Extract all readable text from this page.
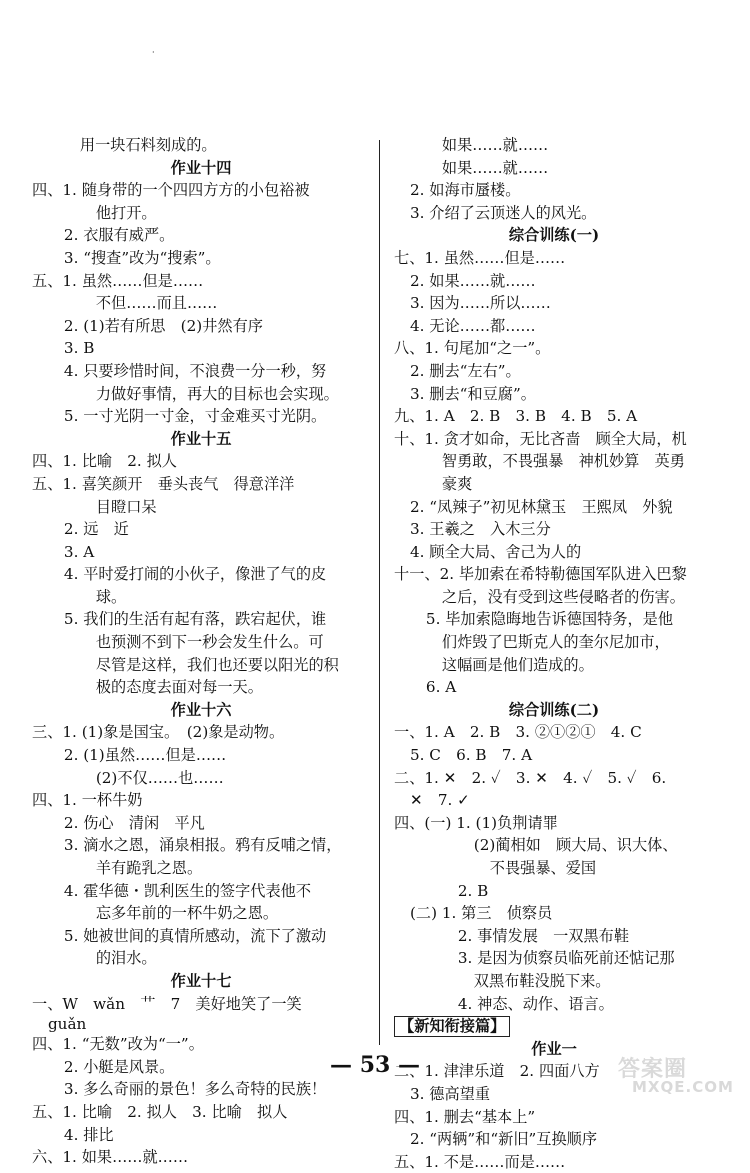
用一块石料刻成的。
作业十四
四、1. 随身带的一个四四方方的小包裕被
他打开。
2. 衣服有威严。
3. “搜查”改为“搜索”。
五、1. 虽然……但是……
不但……而且……
2. (1)若有所思　(2)井然有序
3. B
4. 只要珍惜时间，不浪费一分一秒，努
力做好事情，再大的目标也会实现。
5. 一寸光阴一寸金，寸金难买寸光阴。
作业十五
四、1. 比喻　2. 拟人
五、1. 喜笑颜开　垂头丧气　得意洋洋
目瞪口呆
2. 远　近
3. A
4. 平时爱打闹的小伙子，像泄了气的皮
球。
5. 我们的生活有起有落，跌宕起伏，谁
也预测不到下一秒会发生什么。可
尽管是这样，我们也还要以阳光的积
极的态度去面对每一天。
作业十六
三、1. (1)象是国宝。　(2)象是动物。
2. (1)虽然……但是……
(2)不仅……也……
四、1. 一杯牛奶
2. 伤心　清闲　平凡
3. 滴水之恩，涌泉相报。鸦有反哺之情，
羊有跪乳之恩。
4. 霍华德・凯利医生的签字代表他不
忘多年前的一杯牛奶之恩。
5. 她被世间的真情所感动，流下了激动
的泪水。
作业十七
一、W　wǎn　艹　7　美好地笑了一笑
guǎn
四、1. “无数”改为“一”。
2. 小艇是风景。
3. 多么奇丽的景色！多么奇特的民族！
五、1. 比喻　2. 拟人　3. 比喻　拟人
4. 排比
六、1. 如果……就……
如果……就……
如果……就……
2. 如海市蜃楼。
3. 介绍了云顶迷人的风光。
综合训练(一)
七、1. 虽然……但是……
2. 如果……就……
3. 因为……所以……
4. 无论……都……
八、1. 句尾加“之一”。
2. 删去“左右”。
3. 删去“和豆腐”。
九、1. A　2. B　3. B　4. B　5. A
十、1. 贪才如命，无比吝啬　顾全大局，机
智勇敢，不畏强暴　神机妙算　英勇
豪爽
2. “凤辣子”初见林黛玉　王熙凤　外貌
3. 王羲之　入木三分
4. 顾全大局、舍己为人的
十一、2. 毕加索在希特勒德国军队进入巴黎
之后，没有受到这些侵略者的伤害。
5. 毕加索隐晦地告诉德国特务，是他
们炸毁了巴斯克人的奎尔尼加市，
这幅画是他们造成的。
6. A
综合训练(二)
一、1. A　2. B　3. ②①②①　4. C
5. C　6. B　7. A
二、1. ✕　2. ✓　3. ✕　4. ✓　5. ✓　6.
✕　7. ✓
四、(一) 1. (1)负荆请罪
(2)蔺相如　顾大局、识大体、
不畏强暴、爱国
2. B
(二) 1. 第三　侦察员
2. 事情发展　一双黑布鞋
3. 是因为侦察员临死前还惦记那
双黑布鞋没脱下来。
4. 神态、动作、语言。
【新知衔接篇】
作业一
二、1. 津津乐道　2. 四面八方
3. 德高望重
四、1. 删去“基本上”
2. “两辆”和“新旧”互换顺序
五、1. 不是……而是……
·
— 53 —	答案圈
MXQE.COM
